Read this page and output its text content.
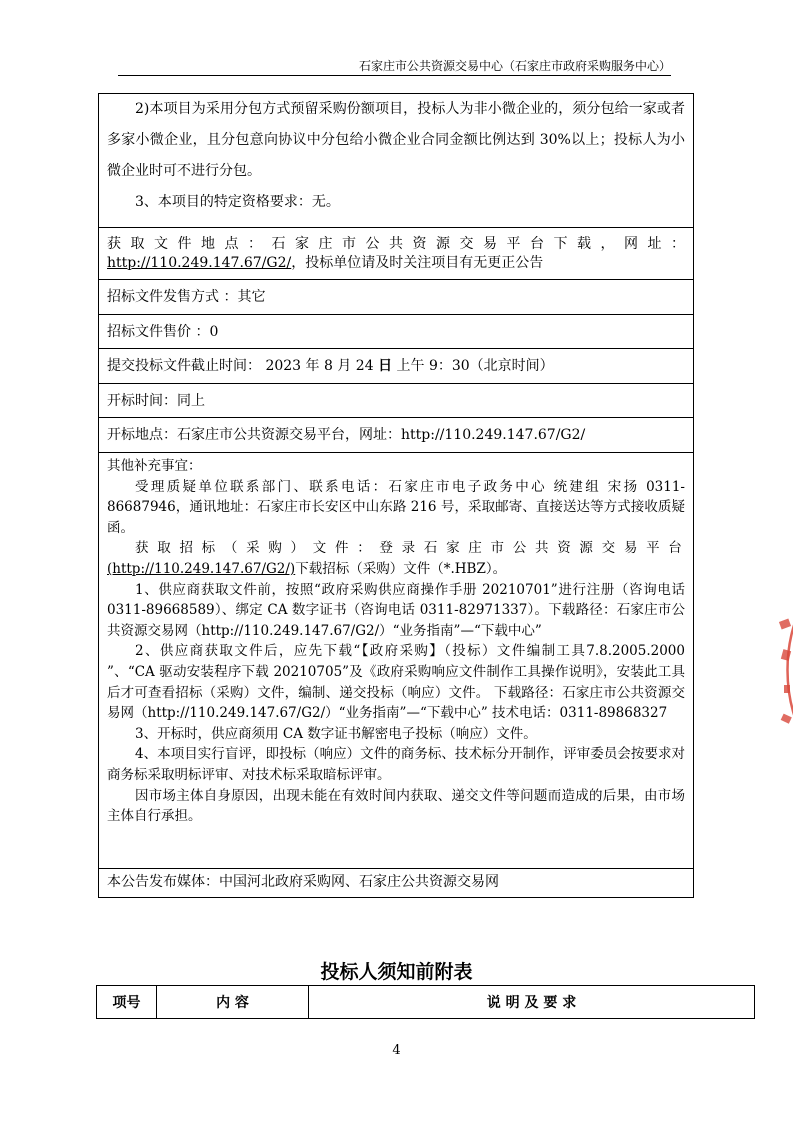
石家庄市公共资源交易中心（石家庄市政府采购服务中心）

2)本项目为采用分包方式预留采购份额项目，投标人为非小微企业的，须分包给一家或者多家小微企业，且分包意向协议中分包给小微企业合同金额比例达到 30%以上；投标人为小微企业时可不进行分包。

3、本项目的特定资格要求：无。

获取文件地点：石家庄市公共资源交易平台下载，网址：
http://110.249.147.67/G2/，投标单位请及时关注项目有无更正公告
招标文件发售方式 ：其它
招标文件售价 ：0
提交投标文件截止时间： 2023 年 8 月 24 日 上午 9：30（北京时间）
开标时间：同上
开标地点：石家庄市公共资源交易平台，网址：http://110.249.147.67/G2/
其他补充事宜：
受理质疑单位联系部门、联系电话：石家庄市电子政务中心 统建组 宋扬 0311-86687946，通讯地址：石家庄市长安区中山东路 216 号，采取邮寄、直接送达等方式接收质疑函。
获取招标（采购）文件：登录石家庄市公共资源交易平台(http://110.249.147.67/G2/)下载招标（采购）文件（*.HBZ）。
1、供应商获取文件前，按照“政府采购供应商操作手册 20210701”进行注册（咨询电话 0311-89668589）、绑定 CA 数字证书（咨询电话 0311-82971337）。下载路径：石家庄市公共资源交易网（http://110.249.147.67/G2/）“业务指南”—“下载中心”
2、供应商获取文件后，应先下载“【政府采购】（投标）文件编制工具7.8.2005.2000 ”、“CA 驱动安装程序下载 20210705”及《政府采购响应文件制作工具操作说明》，安装此工具后才可查看招标（采购）文件，编制、递交投标（响应）文件。 下载路径：石家庄市公共资源交易网（http://110.249.147.67/G2/）“业务指南”—“下载中心” 技术电话：0311-89868327
3、开标时，供应商须用 CA 数字证书解密电子投标（响应）文件。
4、本项目实行盲评，即投标（响应）文件的商务标、技术标分开制作，评审委员会按要求对商务标采取明标评审、对技术标采取暗标评审。
因市场主体自身原因，出现未能在有效时间内获取、递交文件等问题而造成的后果，由市场主体自行承担。
本公告发布媒体：中国河北政府采购网、石家庄公共资源交易网
投标人须知前附表
项号	内 容	说 明 及 要 求
4
